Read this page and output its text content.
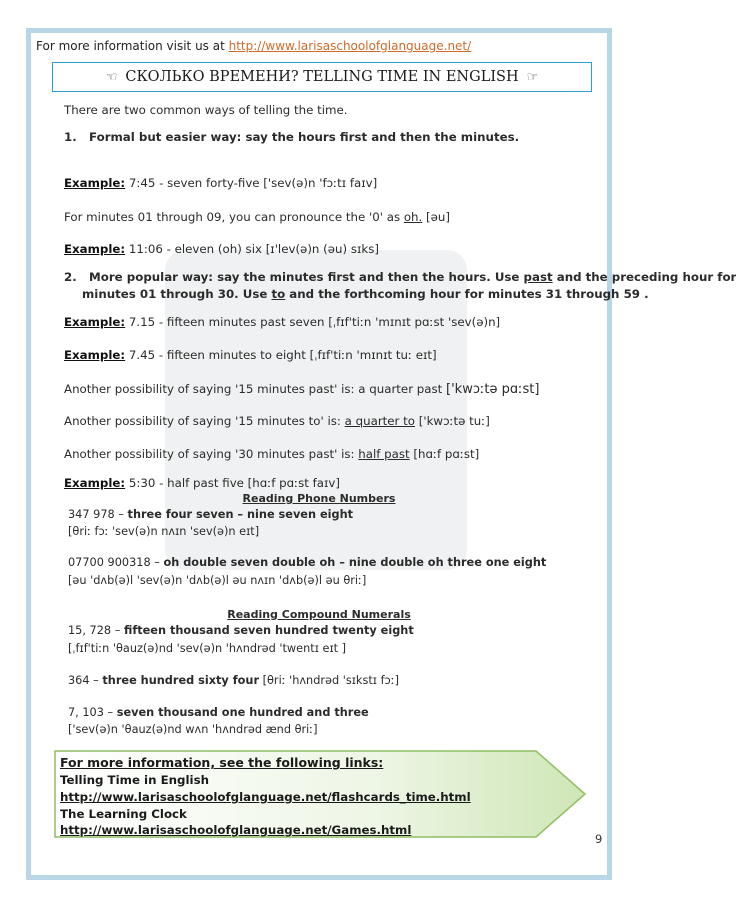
For more information visit us at http://www.larisaschoolofglanguage.net/
☜ СКОЛЬКО ВРЕМЕНИ? TELLING TIME IN ENGLISH ☞
There are two common ways of telling the time.
1.   Formal but easier way: say the hours first and then the minutes.
Example: 7:45 - seven forty-five ['sev(ə)n 'fɔːtɪ faɪv]
For minutes 01 through 09, you can pronounce the '0' as oh. [əu]
Example: 11:06 - eleven (oh) six [ɪ'lev(ə)n (əu) sɪks]
2.   More popular way: say the minutes first and then the hours. Use past and the preceding hour for
minutes 01 through 30. Use to and the forthcoming hour for minutes 31 through 59 .
Example: 7.15 - fifteen minutes past seven [ˌfɪf'tiːn 'mɪnɪt pɑːst 'sev(ə)n]
Example: 7.45 - fifteen minutes to eight [ˌfɪf'tiːn 'mɪnɪt tuː eɪt]
Another possibility of saying '15 minutes past' is: a quarter past ['kwɔːtə pɑːst]
Another possibility of saying '15 minutes to' is: a quarter to ['kwɔːtə tuː]
Another possibility of saying '30 minutes past' is: half past [hɑːf pɑːst]
Example: 5:30 - half past five [hɑːf pɑːst faɪv]
Reading Phone Numbers
347 978 – three four seven – nine seven eight
[θriː fɔː 'sev(ə)n nʌɪn 'sev(ə)n eɪt]
07700 900318 – oh double seven double oh – nine double oh three one eight
[əu 'dʌb(ə)l 'sev(ə)n 'dʌb(ə)l əu nʌɪn 'dʌb(ə)l əu θriː]
Reading Compound Numerals
15, 728 – fifteen thousand seven hundred twenty eight
[ˌfɪf'tiːn 'θauz(ə)nd 'sev(ə)n 'hʌndrəd 'twentɪ eɪt ]
364 – three hundred sixty four [θriː 'hʌndrəd 'sɪkstɪ fɔː]
7, 103 – seven thousand one hundred and three
['sev(ə)n 'θauz(ə)nd wʌn 'hʌndrəd ænd θriː]
For more information, see the following links:
Telling Time in English
http://www.larisaschoolofglanguage.net/flashcards_time.html
The Learning Clock
http://www.larisaschoolofglanguage.net/Games.html
9
